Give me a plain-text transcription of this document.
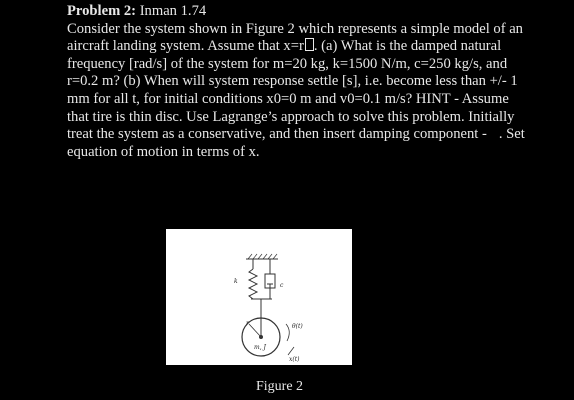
Problem 2: Inman 1.74
Consider the system shown in Figure 2 which represents a simple model of an aircraft landing system. Assume that x=r . (a) What is the damped natural frequency [rad/s] of the system for m=20 kg, k=1500 N/m, c=250 kg/s, and r=0.2 m? (b) When will system response settle [s], i.e. become less than +/- 1 mm for all t, for initial conditions x0=0 m and v0=0.1 m/s? HINT - Assume that tire is thin disc. Use Lagrange’s approach to solve this problem. Initially treat the system as a conservative, and then insert damping component - . Set equation of motion in terms of x.

k
c
r
m, J
θ(t)
x(t)
Figure 2
